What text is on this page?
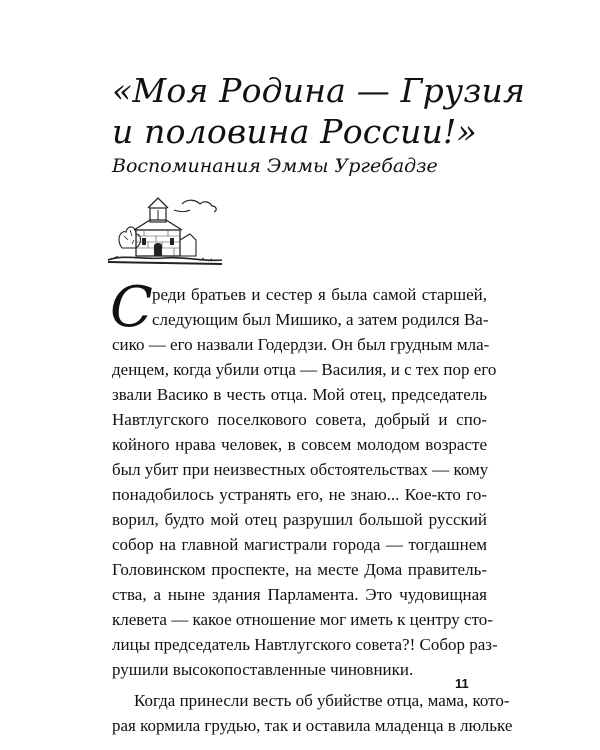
«Моя Родина — Грузия
и половина России!»
Воспоминания Эммы Ургебадзе
С реди братьев и сестер я была самой старшей,
следующим был Мишико, а затем родился Ва-
сико — его назвали Годердзи. Он был грудным мла-
денцем, когда убили отца — Василия, и с тех пор его
звали Васико в честь отца. Мой отец, председатель
Навтлугского поселкового совета, добрый и спо-
койного нрава человек, в совсем молодом возрасте
был убит при неизвестных обстоятельствах — кому
понадобилось устранять его, не знаю... Кое-кто го-
ворил, будто мой отец разрушил большой русский
собор на главной магистрали города — тогдашнем
Головинском проспекте, на месте Дома правитель-
ства, а ныне здания Парламента. Это чудовищная
клевета — какое отношение мог иметь к центру сто-
лицы председатель Навтлугского совета?! Собор раз-
рушили высокопоставленные чиновники.

Когда принесли весть об убийстве отца, мама, кото-
рая кормила грудью, так и оставила младенца в люльке

11
